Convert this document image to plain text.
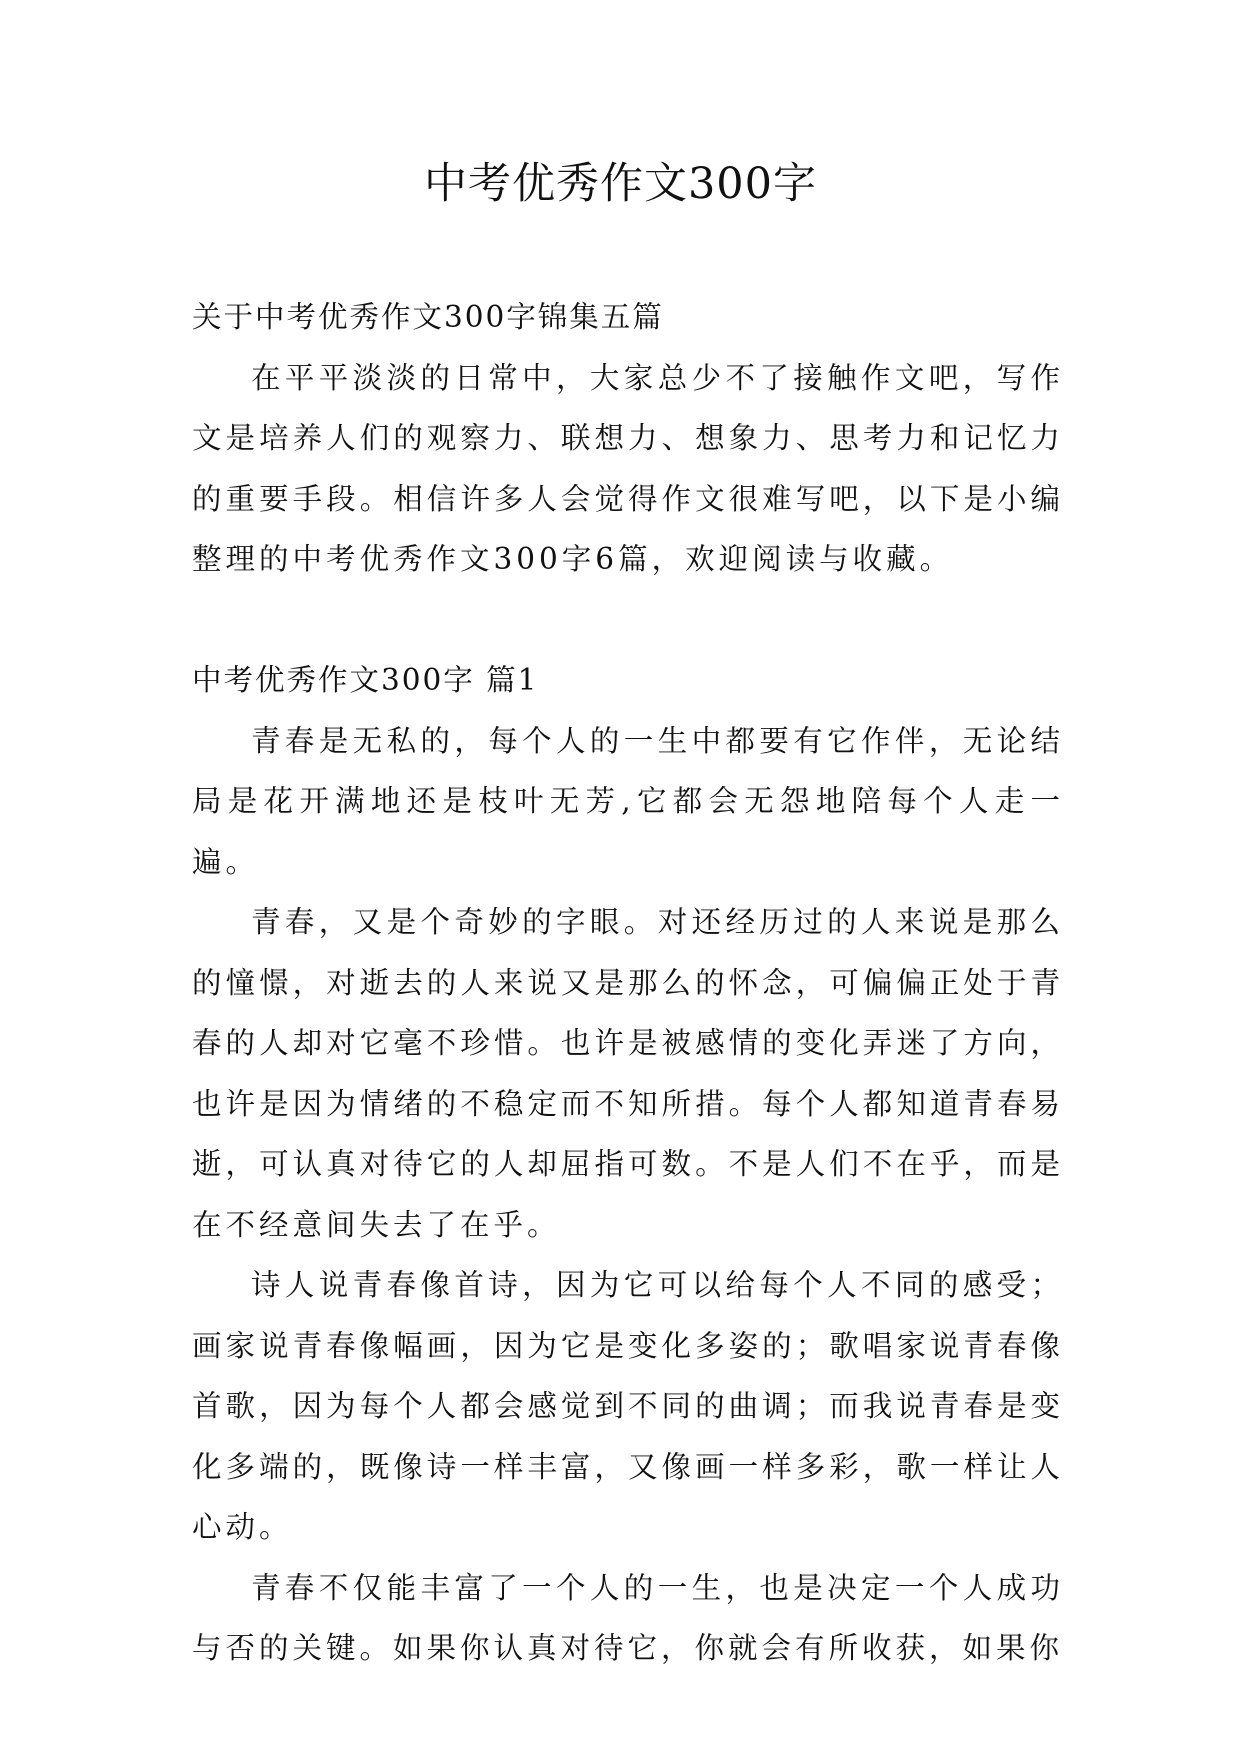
中考优秀作文300字

关于中考优秀作文300字锦集五篇

在平平淡淡的日常中，大家总少不了接触作文吧，写作文是培养人们的观察力、联想力、想象力、思考力和记忆力的重要手段。相信许多人会觉得作文很难写吧，以下是小编整理的中考优秀作文300字6篇，欢迎阅读与收藏。

中考优秀作文300字 篇1

青春是无私的，每个人的一生中都要有它作伴，无论结局是花开满地还是枝叶无芳,它都会无怨地陪每个人走一遍。

青春，又是个奇妙的字眼。对还经历过的人来说是那么的憧憬，对逝去的人来说又是那么的怀念，可偏偏正处于青春的人却对它毫不珍惜。也许是被感情的变化弄迷了方向，也许是因为情绪的不稳定而不知所措。每个人都知道青春易逝，可认真对待它的人却屈指可数。不是人们不在乎，而是在不经意间失去了在乎。

诗人说青春像首诗，因为它可以给每个人不同的感受；画家说青春像幅画，因为它是变化多姿的；歌唱家说青春像首歌，因为每个人都会感觉到不同的曲调；而我说青春是变化多端的，既像诗一样丰富，又像画一样多彩，歌一样让人心动。

青春不仅能丰富了一个人的一生，也是决定一个人成功与否的关键。如果你认真对待它，你就会有所收获，如果你
